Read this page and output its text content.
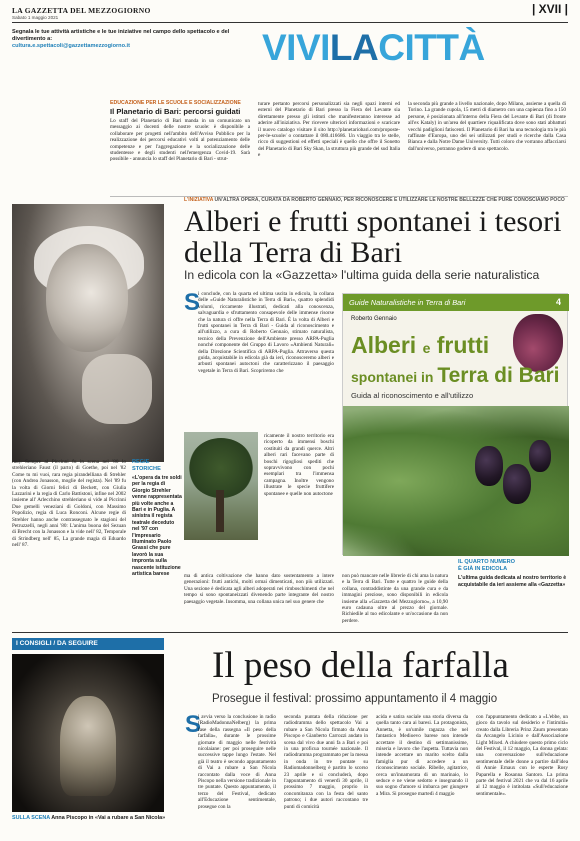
LA GAZZETTA DEL MEZZOGIORNO
Sabato 1 maggio 2021
| XVII |
Segnala le tue attività artistiche e le tue iniziative nel campo dello spettacolo e del divertimento a:
cultura.e.spettacoli@gazzettamezzogiorno.it	VIVILACITTÀ
EDUCAZIONE PER LE SCUOLE E SOCIALIZZAZIONE
Il Planetario di Bari: percorsi guidati
Lo staff del Planetario di Bari manda in un comunicato un messaggio ai docenti delle nostre scuole: è disponibile a collaborare per progetti nell'ambito dell'Avviso Pubblico per la realizzazione dei percorsi educativi volti al potenziamento delle competenze e per l'aggregazione e la socializzazione delle studentesse e degli studenti nell'emergenza Covid-19. Sarà possibile - annuncia lo staff del Planetario di Bari - strut-
turare pertanto percorsi personalizzati sia negli spazi interni ed esterni del Planetario di Bari presso la Fiera del Levante sia direttamente presso gli istituti che manifesteranno interesse ad aderire all'iniziativa. Per ricevere ulteriori informazioni e scaricare il nuovo catalogo visitare il sito http://planetariobari.com/proposte-per-le-scuole/ o contattare il 080.416686. Un viaggio tra le stelle, ricco di suggestioni ed effetti speciali è quello che offre il Sonetto del Planetario di Bari Sky Skan, la struttura più grande del sud Italia e
la seconda più grande a livello nazionale, dopo Milano, assieme a quella di Torino. La grande cupola, 15 metri di diametro con una capienza fino a 150 persone, è posizionata all'interno della Fiera del Levante di Bari (di fronte all'ex Kataly) in un'area del quartiere riqualificata dove sono stati abbattuti vecchi padiglioni fatiscenti. Il Planetario di Bari ha una tecnologia tra le più raffinate d'Europa, uno dei sei utilizzati per studi e ricerche dalla Casa Bianca e dalla Notre Dame University. Tutti coloro che vorranno affacciarsi dall'universo, potranno godere di uno spettacolo.
L'INIZIATIVA UN'ALTRA OPERA, CURATA DA ROBERTO GENNAIO, PER RICONOSCERE E UTILIZZARE LE NOSTRE BELLEZZE CHE PURE CONOSCIAMO POCO
Alberi e frutti spontanei i tesori della Terra di Bari
In edicola con la «Gazzetta» l'ultima guida della serie naturalistica
S
i conclude, con la quarta ed ultima uscita in edicola, la collana delle «Guide Naturalistiche in Terra di Bari», quattro splendidi volumi, riccamente illustrati, dedicati alla conoscenza, salvaguardia e sfruttamento consapevole delle immense risorse che la natura ci offre nella Terra di Bari. È la volta di Alberi e frutti spontanei in Terra di Bari - Guida al riconoscimento e all'utilizzo, a cura di Roberto Gennaio, stimato naturalista, tecnico della Prevenzione dell'Ambiente presso ARPA-Puglia nonché componente del Gruppo di Lavoro «Ambienti Naturali» della Direzione Scientifica di ARPA-Puglia. Attraverso questa guida, acquistabile in edicola già da ieri, riconosceremo alberi e arbusti spontanei autoctoni che caratterizzano il paesaggio vegetale in Terra di Bari. Scopriremo che
ricamente il nostro territorio era ricoperto da immensi boschi costituiti da grandi querce. Altri alberi rari facevano parte di boschi rigogliosi spediti che sopravvivono con pochi esemplari tra l'immensa campagna. Inoltre vengono illustrate le specie fruttifere spontanee e quelle non autoctone
ma di antica coltivazione che hanno dato sostentamento a intere generazioni: frutti antichi, molti ormai dimenticati, non più utilizzati. Una sezione è dedicata agli alberi adoperati nei rimboschimenti che nel tempo si sono spontaneizzati divenendo parte integrante del nostro paesaggio vegetale. Insomma, una collana unica nel suo genere che
non può mancare nelle librerie di chi ama la natura e la Terra di Bari. Tutte e quattro le guide della collana, contraddistinte da una grande cura e da immagini preziose, sono disponibili in edicola insieme alla «Gazzetta del Mezzogiorno», a 10,90 euro cadauna oltre al prezzo del giornale. Richiedile al tuo edicolante e un'occasione da non perdere.
Guide Naturalistiche in Terra di Bari	4
Roberto Gennaio
Alberi e frutti
spontanei in Terra di Bari
Guida al riconoscimento e all'utilizzo
rau). Sempre al Piccinni fu in scena nel '80 lo strehleriano Faust (il parto) di Goethe, poi nel '82 Come tu mi vuoi, rara regia pirandelliana di Strehler (con Andrea Jonasson, moglie del regista). Nel '89 fu la volta di Giorni felici di Beckett, con Giulia Lazzarini e la regia di Carlo Battistoni, infine nel 2002 insieme all' Arlecchino strehleriano si vide al Piccinni Due gemelli veneziani di Goldoni, con Massimo Popolizio, regia di Luca Ronconi. Alcune regie di Strehler hanno anche contrassegnato le stagioni del Petruzzelli, negli anni '80: L'anima buona del Sezuan di Brecht con la Jonasson e la vide nell' 82, Temporale di Strindberg nell' 85, La grande magia di Eduardo nell' 87.
REGIE
STORICHE
«L'opera da tre soldi per la regia di Giorgio Strehler venne rappresentata più volte anche a Bari e in Puglia. A sinistra il regista teatrale deceduto nel '97 con l'impresario Illuminato Paolo Grassi che pure lavorò la sua impronta sulla nascente istituzione artistica barese
IL QUARTO NUMERO
È GIÀ IN EDICOLA
L'ultima guida dedicata al nostro territorio è acquistabile da ieri assieme alla «Gazzetta»
I CONSIGLI / DA SEGUIRE
SULLA SCENA Anna Piscopo in «Vai a rubare a San Nicola»
Il peso della farfalla
Prosegue il festival: prossimo appuntamento il 4 maggio
S
i avvia verso la conclusione in radio (RadioMadonnaNelberg) la prima fase della rassegna «Il peso della farfalla», durante le prossime giornate di maggio nelle festività nicolaiane: per poi proseguire nelle successive tappe lungo l'estate. Nel già il teatro è secondo appuntamento di Vai a rubare a San Nicola raccontato dalla voce di Anna Piscopo nella versione tradizionale in tre puntate. Questo appuntamento, il terzo del Festival, dedicato all'Educazione sentimentale, prosegue con la
seconda puntata della riduzione per radiodramma dello spettacolo Vai a rubare a San Nicola firmato da Anna Piscopo e Gianberto Carrozzi andato in scena dal vivo due anni fa a Bari e poi in una proficua tournée nazionale. Il radiodramma programmato per la messa in onda in tre puntate su Radiomadonnelberg è partito lo scorso 23 aprile e si concluderà, dopo l'appuntamento di venerdì 30 aprile, il prossimo 7 maggio, proprio in concomitanza con la festa del santo patrono; i due autori raccontano tre punti di comicità
acida e satira sociale una storia diversa da quella tanto cara ai baresi. La protagonista, Annetta, è un'umile ragazza che nel fantastico Medioevo barese non intende accettare il destino di settimanissime, miseria e lavoro che l'aspetta. Tuttavia non intende accettare un marito scelto dalla famiglia pur di accedere a un riconoscimento sociale. Ribelle, agitatrice, cerca un'innamorata di un marinaio, lo seduce e ne viene sedotto e insegnando il suo sogno d'amore si imbarca per giungere a Mira. Si prosegue martedì 4 maggio
con l'appuntamento dedicato a «L'ebbe, un gioco da tavolo sul desiderio e l'intimità» creato dalla Libreria Prinz Zaum presentato da Arcangelo Licinio e dall'Associazione Light Mixed. A chiudere questo primo ciclo del Festival, il 12 maggio, La donna gelata: una conversazione sull'educazione sentimentale delle donne a partire dall'idea di Annie Ernaux con le esperte Rosy Paparella e Rosanna Santoro. La prima parte del festival 2021 che va dal 16 aprile al 12 maggio è intitolata «Sull'educazione sentimentale».
